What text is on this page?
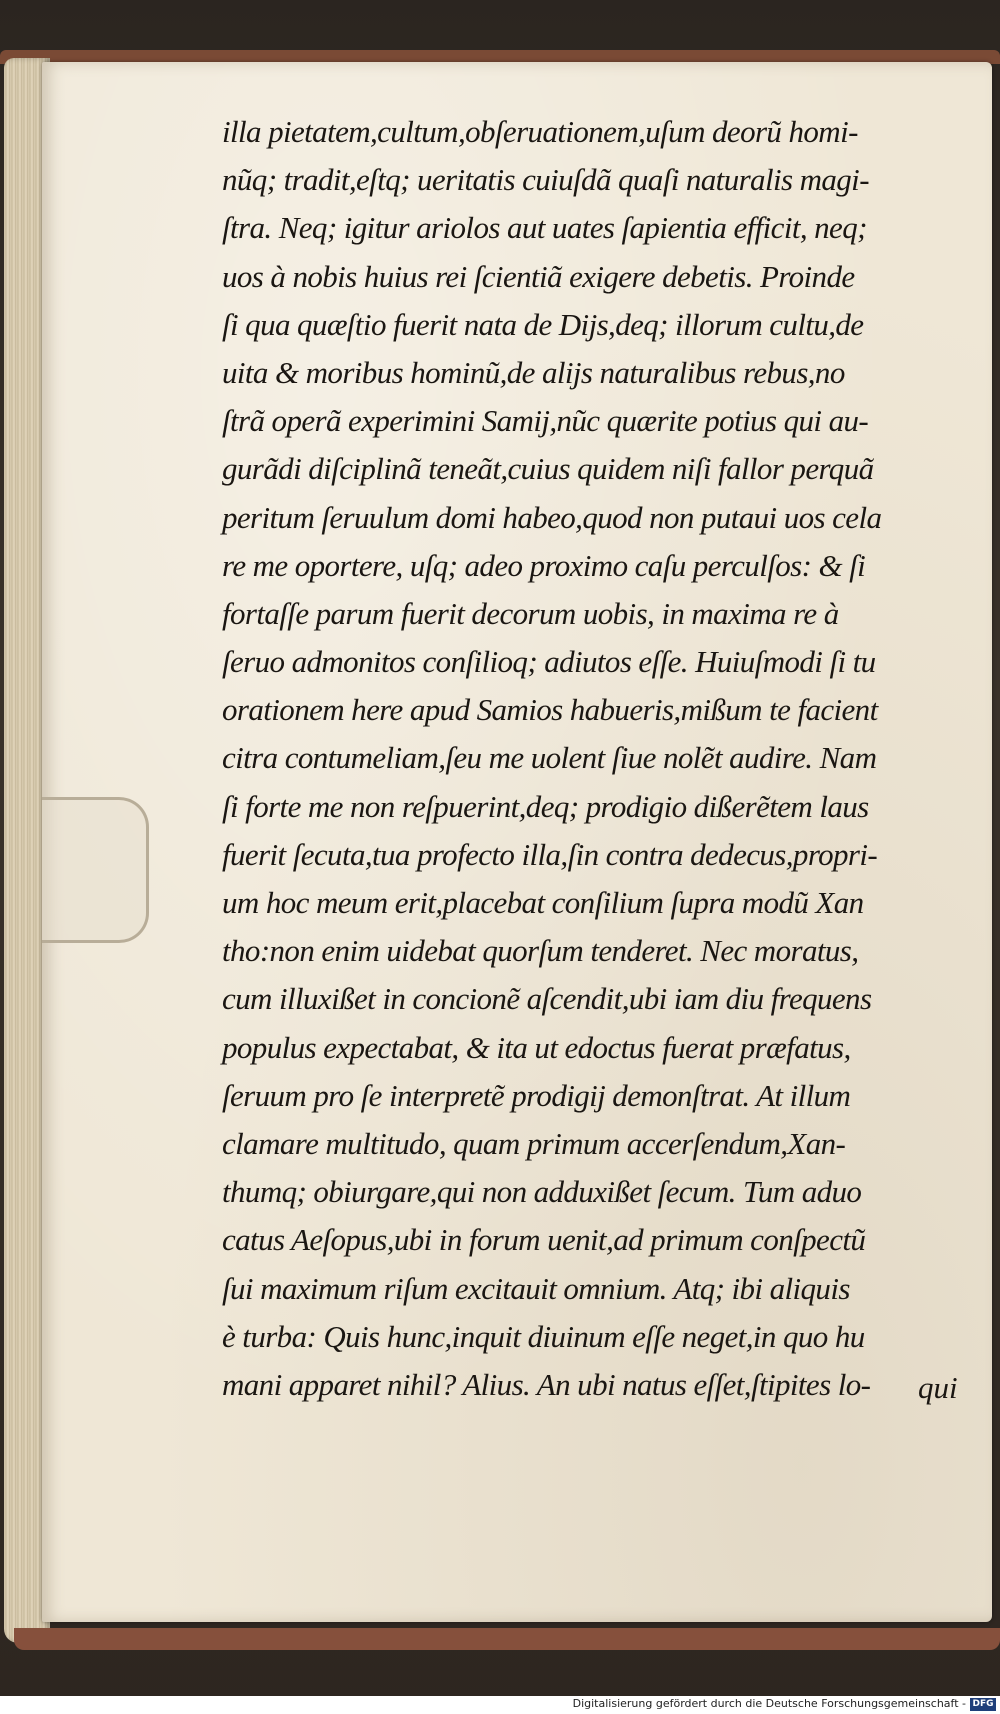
illa pietatem,cultum,obſeruationem,uſum deorũ homi-
nũq; tradit,eſtq; ueritatis cuiuſdã quaſi naturalis magi-
ſtra. Neq; igitur ariolos aut uates ſapientia efficit, neq;
uos à nobis huius rei ſcientiã exigere debetis. Proinde
ſi qua quæſtio fuerit nata de Dijs,deq; illorum cultu,de
uita & moribus hominũ,de alijs naturalibus rebus,no
ſtrã operã experimini Samij,nũc quærite potius qui au-
gurãdi diſciplinã teneãt,cuius quidem niſi fallor perquã
peritum ſeruulum domi habeo,quod non putaui uos cela
re me oportere, uſq; adeo proximo caſu perculſos: & ſi
fortaſſe parum fuerit decorum uobis, in maxima re à
ſeruo admonitos conſilioq; adiutos eſſe. Huiuſmodi ſi tu
orationem here apud Samios habueris,mißum te facient
citra contumeliam,ſeu me uolent ſiue nolẽt audire. Nam
ſi forte me non reſpuerint,deq; prodigio dißerẽtem laus
fuerit ſecuta,tua profecto illa,ſin contra dedecus,propri-
um hoc meum erit,placebat conſilium ſupra modũ Xan
tho:non enim uidebat quorſum tenderet. Nec moratus,
cum illuxißet in concionẽ aſcendit,ubi iam diu frequens
populus expectabat, & ita ut edoctus fuerat præfatus,
ſeruum pro ſe interpretẽ prodigij demonſtrat. At illum
clamare multitudo, quam primum accerſendum,Xan-
thumq; obiurgare,qui non adduxißet ſecum. Tum aduo
catus Aeſopus,ubi in forum uenit,ad primum conſpectũ
ſui maximum riſum excitauit omnium. Atq; ibi aliquis
è turba: Quis hunc,inquit diuinum eſſe neget,in quo hu
mani apparet nihil? Alius. An ubi natus eſſet,ſtipites lo-	qui
Digitalisierung gefördert durch die Deutsche Forschungsgemeinschaft - DFG
